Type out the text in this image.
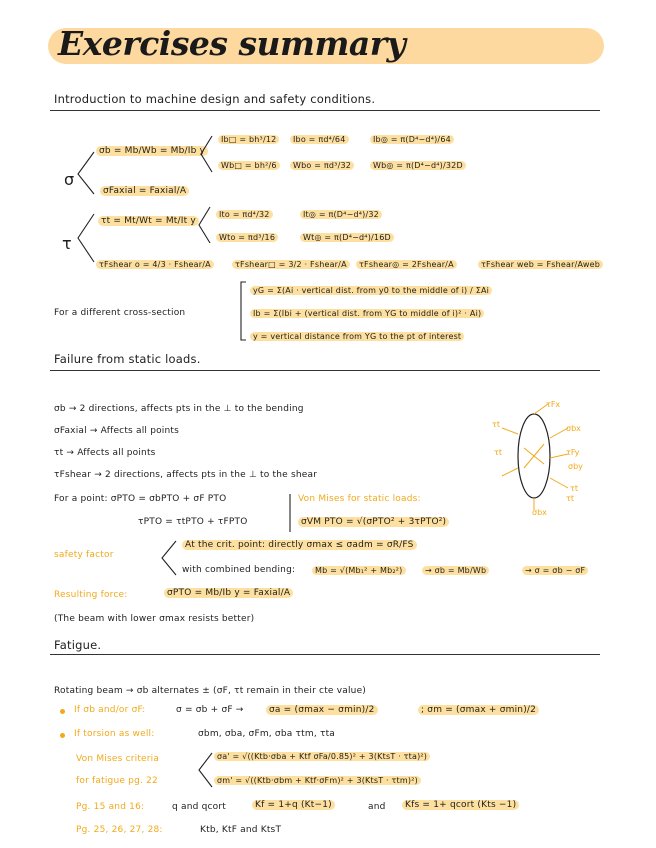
Exercises summary
Introduction to machine design and safety conditions.
σ
σb = Mb/Wb = Mb/Ib y
Ib□ = bh³/12	Ibo = πd⁴/64	Ib◎ = π(D⁴−d⁴)/64
Wb□ = bh²/6	Wbo = πd³/32	Wb◎ = π(D⁴−d⁴)/32D
σFaxial = Faxial/A
τ
τt = Mt/Wt = Mt/It y
Ito = πd⁴/32	It◎ = π(D⁴−d⁴)/32
Wto = πd³/16	Wt◎ = π(D⁴−d⁴)/16D
τFshear o = 4/3 · Fshear/A	τFshear□ = 3/2 · Fshear/A	τFshear◎ = 2Fshear/A	τFshear web = Fshear/Aweb
For a different cross-section
yG = Σ(Ai · vertical dist. from y0 to the middle of i) / ΣAi
Ib = Σ(Ibi + (vertical dist. from YG to middle of i)² · Ai)
y = vertical distance from YG to the pt of interest
Failure from static loads.
σb → 2 directions, affects pts in the ⊥ to the bending
σFaxial → Affects all points
τt → Affects all points
τFshear → 2 directions, affects pts in the ⊥ to the shear
For a point: σPTO = σbPTO + σF PTO
τPTO = τtPTO + τFPTO
Von Mises for static loads:
σVM PTO = √(σPTO² + 3τPTO²)
safety factor
At the crit. point: directly σmax ≤ σadm = σR/FS
with combined bending:	Mb = √(Mb₁² + Mb₂²)	→ σb = Mb/Wb	→ σ = σb − σF
Resulting force:	σPTO = Mb/Ib y = Faxial/A
(The beam with lower σmax resists better)
τFx
σbx
τt
τt	τFy
σby
τt
σbx
τt
Fatigue.
Rotating beam → σb alternates ± (σF, τt remain in their cte value)
If σb and/or σF:	σ = σb + σF →	σa = (σmax − σmin)/2	; σm = (σmax + σmin)/2
If torsion as well:	σbm, σba, σFm, σba τtm, τta
Von Mises criteria
for fatigue pg. 22
σa' = √((Ktb·σba + Ktf σFa/0.85)² + 3(KtsT · τta)²)
σm' = √((Ktb·σbm + Ktf·σFm)² + 3(KtsT · τtm)²)
Pg. 15 and 16:	q and qcort	Kf = 1+q (Kt−1)	and	Kfs = 1+ qcort (Kts −1)
Pg. 25, 26, 27, 28:	Ktb, KtF and KtsT
